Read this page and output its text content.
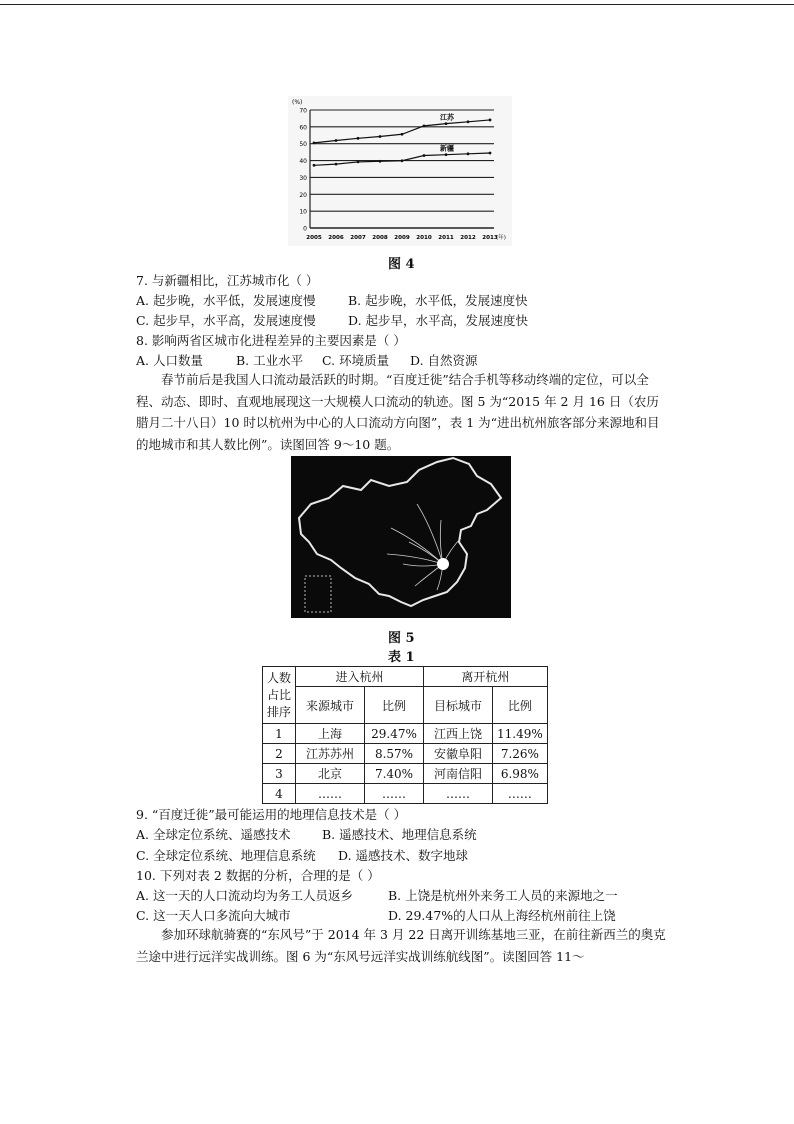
0
10
20
30
40
50
60
70
(%)
2005 2006 2007 2008 2009 2010 2011 2012 2013
(年)
江苏
新疆
图 4
7. 与新疆相比，江苏城市化（ ）
A. 起步晚，水平低，发展速度慢	B. 起步晚，水平低，发展速度快
C. 起步早，水平高，发展速度慢	D. 起步早，水平高，发展速度快
8. 影响两省区城市化进程差异的主要因素是（ ）
A. 人口数量	B. 工业水平 C. 环境质量 D. 自然资源
春节前后是我国人口流动最活跃的时期。“百度迁徙”结合手机等移动终端的定位，可以全程、动态、即时、直观地展现这一大规模人口流动的轨迹。图 5 为“2015 年 2 月 16 日（农历腊月二十八日）10 时以杭州为中心的人口流动方向图”，表 1 为“进出杭州旅客部分来源地和目的地城市和其人数比例”。读图回答 9～10 题。
图 5
表 1
人数
占比
排序	进入杭州		离开杭州	
	来源城市	比例	目标城市	比例
1	上海	29.47%	江西上饶	11.49%
2	江苏苏州	8.57%	安徽阜阳	7.26%
3	北京	7.40%	河南信阳	6.98%
4	……	……	……	……
9. “百度迁徙”最可能运用的地理信息技术是（ ）
A. 全球定位系统、遥感技术	B. 遥感技术、地理信息系统
C. 全球定位系统、地理信息系统 D. 遥感技术、数字地球
10. 下列对表 2 数据的分析，合理的是（ ）
A. 这一天的人口流动均为务工人员返乡	B. 上饶是杭州外来务工人员的来源地之一
C. 这一天人口多流向大城市	D. 29.47%的人口从上海经杭州前往上饶
参加环球航骑赛的“东风号”于 2014 年 3 月 22 日离开训练基地三亚，在前往新西兰的奥克兰途中进行远洋实战训练。图 6 为“东风号远洋实战训练航线图”。读图回答 11～
